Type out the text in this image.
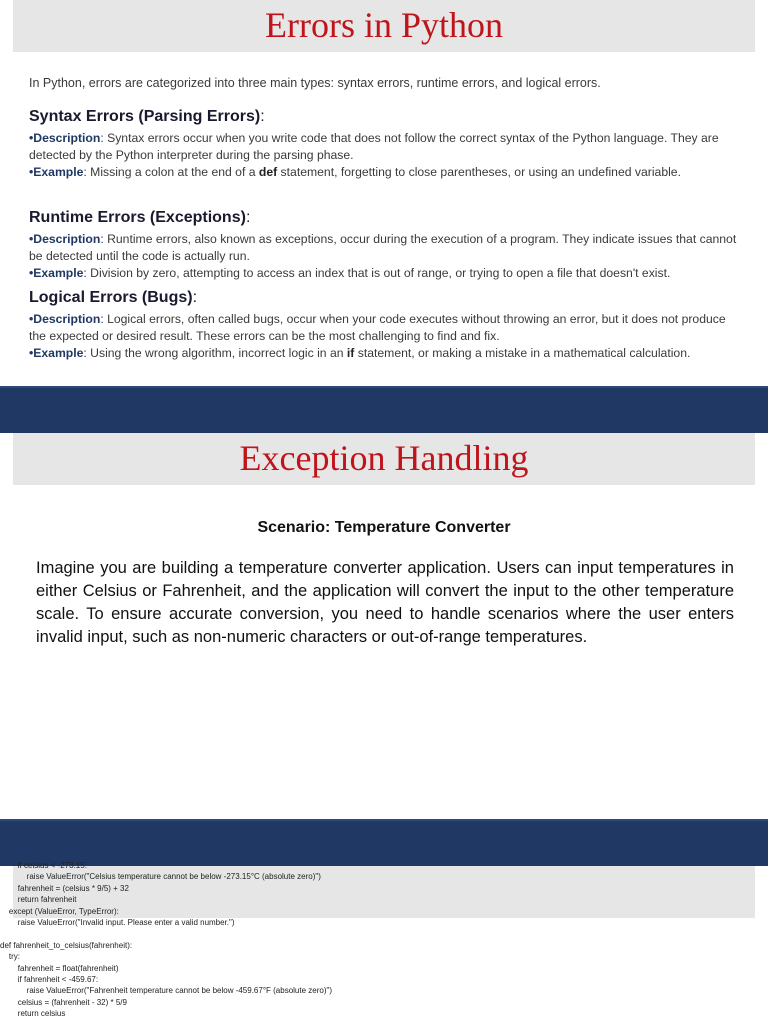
Errors in Python
In Python, errors are categorized into three main types: syntax errors, runtime errors, and logical errors.
Syntax Errors (Parsing Errors):

•Description: Syntax errors occur when you write code that does not follow the correct syntax of the Python language. They are detected by the Python interpreter during the parsing phase.

•Example: Missing a colon at the end of a def statement, forgetting to close parentheses, or using an undefined variable.

Runtime Errors (Exceptions):

•Description: Runtime errors, also known as exceptions, occur during the execution of a program. They indicate issues that cannot be detected until the code is actually run.

•Example: Division by zero, attempting to access an index that is out of range, or trying to open a file that doesn't exist.

Logical Errors (Bugs):

•Description: Logical errors, often called bugs, occur when your code executes without throwing an error, but it does not produce the expected or desired result. These errors can be the most challenging to find and fix.

•Example: Using the wrong algorithm, incorrect logic in an if statement, or making a mistake in a mathematical calculation.

Exception Handling
Scenario: Temperature Converter
Imagine you are building a temperature converter application. Users can input temperatures in either Celsius or Fahrenheit, and the application will convert the input to the other temperature scale. To ensure accurate conversion, you need to handle scenarios where the user enters invalid input, such as non-numeric characters or out-of-range temperatures.
if celsius < -273.15:
raise ValueError("Celsius temperature cannot be below -273.15°C (absolute zero)")
fahrenheit = (celsius * 9/5) + 32
return fahrenheit
except (ValueError, TypeError):
raise ValueError("Invalid input. Please enter a valid number.")

def fahrenheit_to_celsius(fahrenheit):
try:
fahrenheit = float(fahrenheit)
if fahrenheit < -459.67:
raise ValueError("Fahrenheit temperature cannot be below -459.67°F (absolute zero)")
celsius = (fahrenheit - 32) * 5/9
return celsius
